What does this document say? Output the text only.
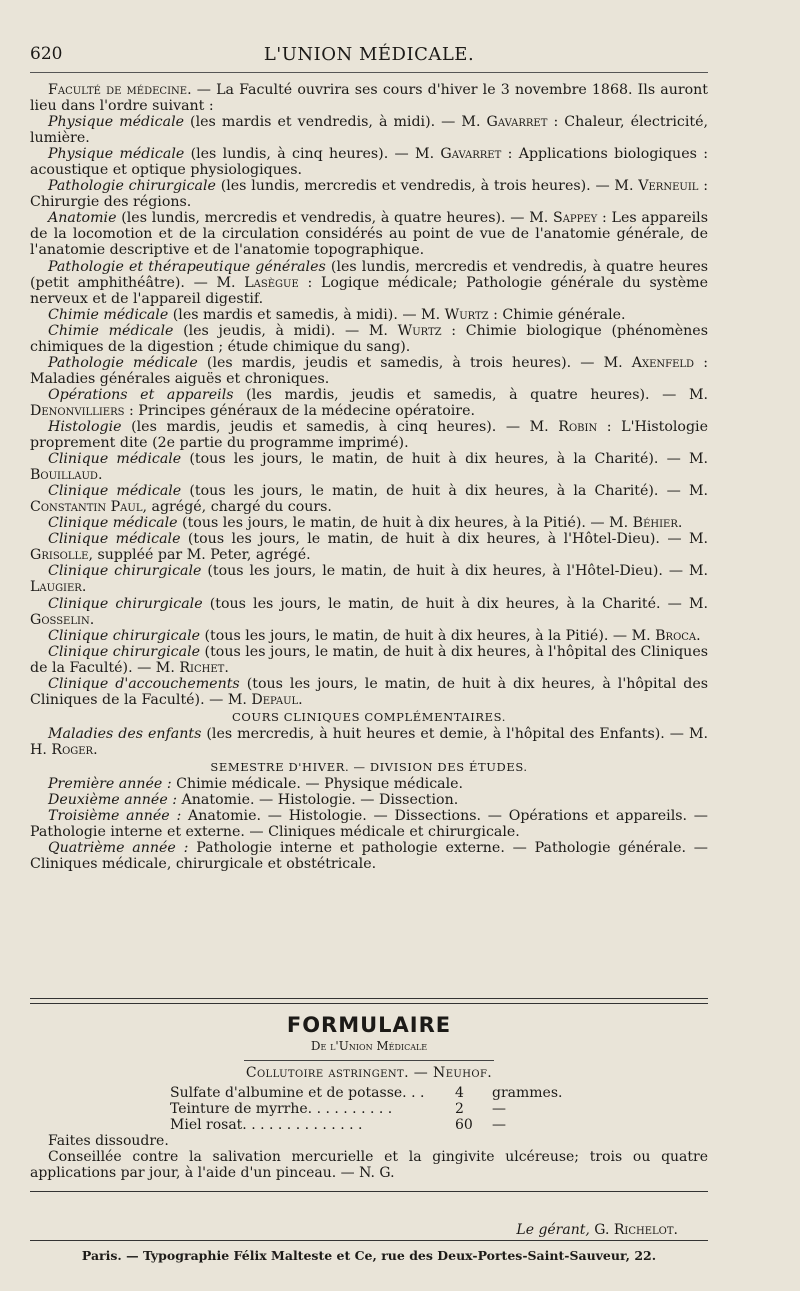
620	L'UNION MÉDICALE.

Faculté de médecine. — La Faculté ouvrira ses cours d'hiver le 3 novembre 1868. Ils auront lieu dans l'ordre suivant :

Physique médicale (les mardis et vendredis, à midi). — M. Gavarret : Chaleur, électricité, lumière.

Physique médicale (les lundis, à cinq heures). — M. Gavarret : Applications biologiques : acoustique et optique physiologiques.

Pathologie chirurgicale (les lundis, mercredis et vendredis, à trois heures). — M. Verneuil : Chirurgie des régions.

Anatomie (les lundis, mercredis et vendredis, à quatre heures). — M. Sappey : Les appareils de la locomotion et de la circulation considérés au point de vue de l'anatomie générale, de l'anatomie descriptive et de l'anatomie topographique.

Pathologie et thérapeutique générales (les lundis, mercredis et vendredis, à quatre heures (petit amphithéâtre). — M. Lasègue : Logique médicale; Pathologie générale du système nerveux et de l'appareil digestif.

Chimie médicale (les mardis et samedis, à midi). — M. Wurtz : Chimie générale.

Chimie médicale (les jeudis, à midi). — M. Wurtz : Chimie biologique (phénomènes chimiques de la digestion ; étude chimique du sang).

Pathologie médicale (les mardis, jeudis et samedis, à trois heures). — M. Axenfeld : Maladies générales aiguës et chroniques.

Opérations et appareils (les mardis, jeudis et samedis, à quatre heures). — M. Denonvilliers : Principes généraux de la médecine opératoire.

Histologie (les mardis, jeudis et samedis, à cinq heures). — M. Robin : L'Histologie proprement dite (2e partie du programme imprimé).

Clinique médicale (tous les jours, le matin, de huit à dix heures, à la Charité). — M. Bouillaud.

Clinique médicale (tous les jours, le matin, de huit à dix heures, à la Charité). — M. Constantin Paul, agrégé, chargé du cours.

Clinique médicale (tous les jours, le matin, de huit à dix heures, à la Pitié). — M. Béhier.

Clinique médicale (tous les jours, le matin, de huit à dix heures, à l'Hôtel-Dieu). — M. Grisolle, suppléé par M. Peter, agrégé.

Clinique chirurgicale (tous les jours, le matin, de huit à dix heures, à l'Hôtel-Dieu). — M. Laugier.

Clinique chirurgicale (tous les jours, le matin, de huit à dix heures, à la Charité. — M. Gosselin.

Clinique chirurgicale (tous les jours, le matin, de huit à dix heures, à la Pitié). — M. Broca.

Clinique chirurgicale (tous les jours, le matin, de huit à dix heures, à l'hôpital des Cliniques de la Faculté). — M. Richet.

Clinique d'accouchements (tous les jours, le matin, de huit à dix heures, à l'hôpital des Cliniques de la Faculté). — M. Depaul.

COURS CLINIQUES COMPLÉMENTAIRES.

Maladies des enfants (les mercredis, à huit heures et demie, à l'hôpital des Enfants). — M. H. Roger.

SEMESTRE D'HIVER. — DIVISION DES ÉTUDES.

Première année : Chimie médicale. — Physique médicale.

Deuxième année : Anatomie. — Histologie. — Dissection.

Troisième année : Anatomie. — Histologie. — Dissections. — Opérations et appareils. — Pathologie interne et externe. — Cliniques médicale et chirurgicale.

Quatrième année : Pathologie interne et pathologie externe. — Pathologie générale. — Cliniques médicale, chirurgicale et obstétricale.

FORMULAIRE
De l'Union Médicale
Collutoire astringent. — Neuhof.
Sulfate d'albumine et de potasse. . . 4 grammes.
Teinture de myrrhe. . . . . . . . . .	2 —
Miel rosat. . . . . . . . . . . . . .	60 —

Faites dissoudre.

Conseillée contre la salivation mercurielle et la gingivite ulcéreuse; trois ou quatre applications par jour, à l'aide d'un pinceau. — N. G.

Le gérant, G. Richelot.
Paris. — Typographie Félix Malteste et Ce, rue des Deux-Portes-Saint-Sauveur, 22.
